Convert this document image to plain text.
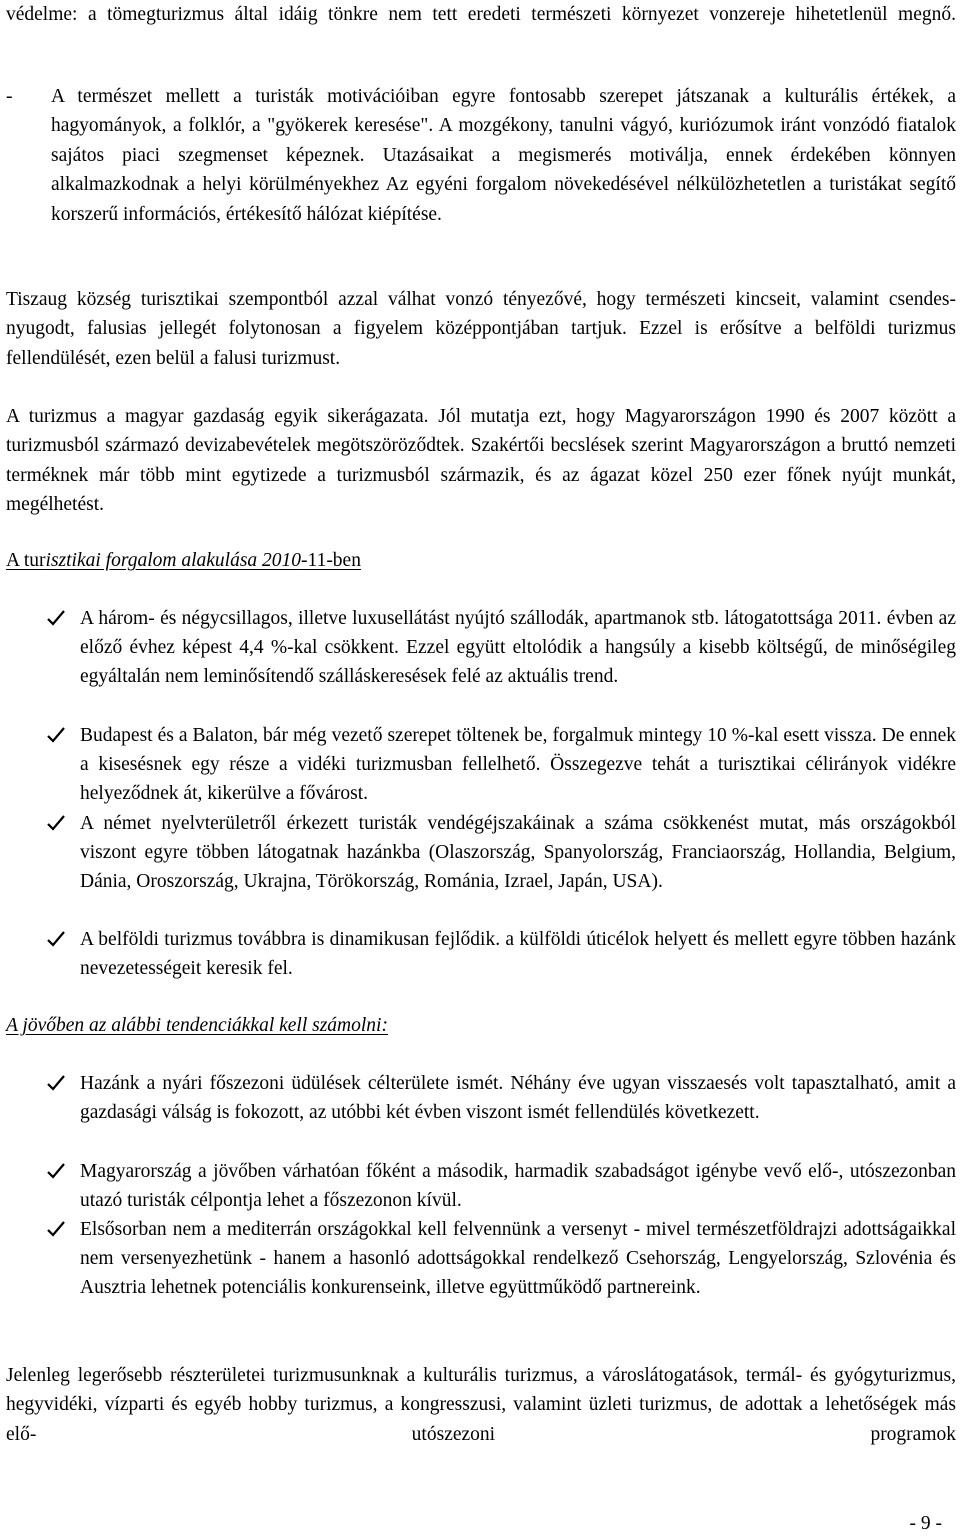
védelme: a tömegturizmus által idáig tönkre nem tett eredeti természeti környezet vonzereje hihetetlenül megnő.
- A természet mellett a turisták motivációiban egyre fontosabb szerepet játszanak a kulturális értékek, a hagyományok, a folklór, a "gyökerek keresése". A mozgékony, tanulni vágyó, kuriózumok iránt vonzódó fiatalok sajátos piaci szegmenset képeznek. Utazásaikat a megismerés motiválja, ennek érdekében könnyen alkalmazkodnak a helyi körülményekhez Az egyéni forgalom növekedésével nélkülözhetetlen a turistákat segítő korszerű információs, értékesítő hálózat kiépítése.
Tiszaug község turisztikai szempontból azzal válhat vonzó tényezővé, hogy természeti kincseit, valamint csendes-nyugodt, falusias jellegét folytonosan a figyelem középpontjában tartjuk. Ezzel is erősítve a belföldi turizmus fellendülését, ezen belül a falusi turizmust.
A turizmus a magyar gazdaság egyik sikerágazata. Jól mutatja ezt, hogy Magyarországon 1990 és 2007 között a turizmusból származó devizabevételek megötszöröződtek. Szakértői becslések szerint Magyarországon a bruttó nemzeti terméknek már több mint egytizede a turizmusból származik, és az ágazat közel 250 ezer főnek nyújt munkát, megélhetést.
A turisztikai forgalom alakulása 2010-11-ben
A három- és négycsillagos, illetve luxusellátást nyújtó szállodák, apartmanok stb. látogatottsága 2011. évben az előző évhez képest 4,4 %-kal csökkent. Ezzel együtt eltolódik a hangsúly a kisebb költségű, de minőségileg egyáltalán nem leminősítendő szálláskeresések felé az aktuális trend.
Budapest és a Balaton, bár még vezető szerepet töltenek be, forgalmuk mintegy 10 %-kal esett vissza. De ennek a kisesésnek egy része a vidéki turizmusban fellelhető. Összegezve tehát a turisztikai célirányok vidékre helyeződnek át, kikerülve a fővárost.
A német nyelvterületről érkezett turisták vendégéjszakáinak a száma csökkenést mutat, más országokból viszont egyre többen látogatnak hazánkba (Olaszország, Spanyolország, Franciaország, Hollandia, Belgium, Dánia, Oroszország, Ukrajna, Törökország, Románia, Izrael, Japán, USA).
A belföldi turizmus továbbra is dinamikusan fejlődik. a külföldi úticélok helyett és mellett egyre többen hazánk nevezetességeit keresik fel.
A jövőben az alábbi tendenciákkal kell számolni:
Hazánk a nyári főszezoni üdülések célterülete ismét. Néhány éve ugyan visszaesés volt tapasztalható, amit a gazdasági válság is fokozott, az utóbbi két évben viszont ismét fellendülés következett.
Magyarország a jövőben várhatóan főként a második, harmadik szabadságot igénybe vevő elő-, utószezonban utazó turisták célpontja lehet a főszezonon kívül.
Elsősorban nem a mediterrán országokkal kell felvennünk a versenyt - mivel természetföldrajzi adottságaikkal nem versenyezhetünk - hanem a hasonló adottságokkal rendelkező Csehország, Lengyelország, Szlovénia és Ausztria lehetnek potenciális konkurenseink, illetve együttműködő partnereink.
Jelenleg legerősebb részterületei turizmusunknak a kulturális turizmus, a városlátogatások, termál- és gyógyturizmus, hegyvidéki, vízparti és egyéb hobby turizmus, a kongresszusi, valamint üzleti turizmus, de adottak a lehetőségek más elő- utószezoni programok
- 9 -
